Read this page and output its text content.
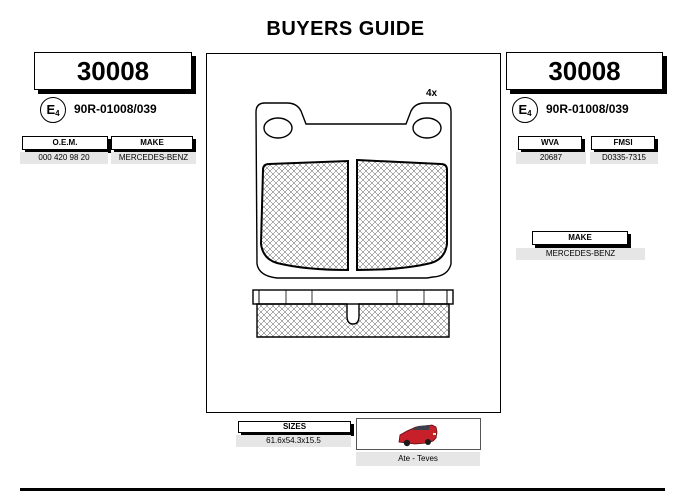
BUYERS GUIDE
30008
$E_4$	90R-01008/039
O.E.M.
000 420 98 20
MAKE
MERCEDES-BENZ
30008
$E_4$	90R-01008/039
WVA
20687
FMSI
D0335-7315
MAKE
MERCEDES-BENZ
4x
SIZES
61.6x54.3x15.5
Ate - Teves
